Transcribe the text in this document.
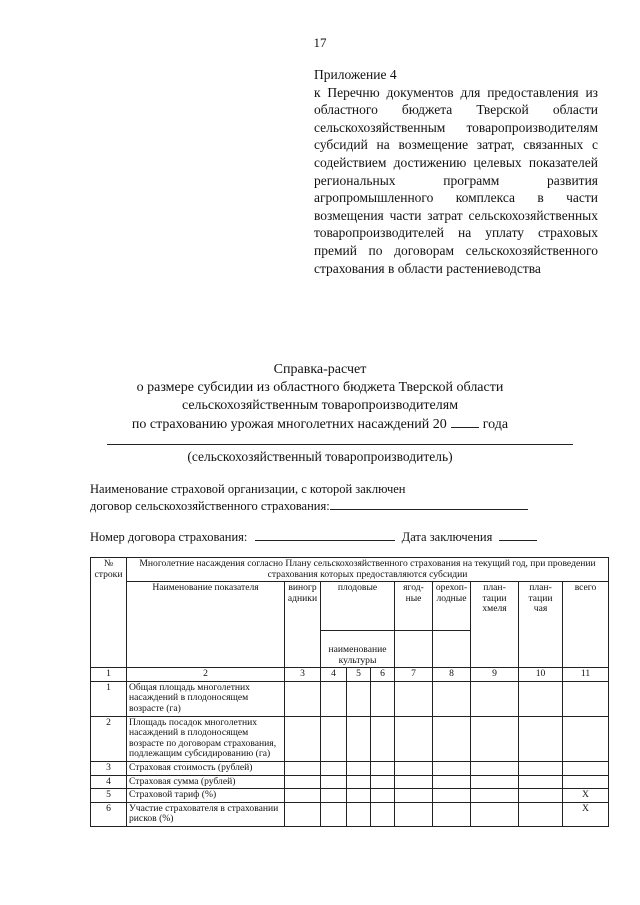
17
Приложение 4
к Перечню документов для предоставления из областного бюджета Тверской области сельскохозяйственным товаропроизводителям субсидий на возмещение затрат, связанных с содействием достижению целевых показателей региональных программ развития агропромышленного комплекса в части возмещения части затрат сельскохозяйственных товаропроизводителей на уплату страховых премий по договорам сельскохозяйственного страхования в области растениеводства
Справка-расчет
о размере субсидии из областного бюджета Тверской области
сельскохозяйственным товаропроизводителям
по страхованию урожая многолетних насаждений 20	года
(сельскохозяйственный товаропроизводитель)
Наименование страховой организации, с которой заключен
договор сельскохозяйственного страхования:
Номер договора страхования:	Дата заключения
№ строки	Многолетние насаждения согласно Плану сельскохозяйственного страхования на текущий год, при проведении страхования которых предоставляются субсидии									
	Наименование показателя	виноградники	плодовые			ягодные	орехоплодные	плантации хмеля	плантации чая	всего
			наименование культуры							

1	2	3	4	5	6	7	8	9	10	11
1	Общая площадь многолетних насаждений в плодоносящем возрасте (га)									
2	Площадь посадок многолетних насаждений в плодоносящем возрасте по договорам страхования, подлежащим субсидированию (га)									
3	Страховая стоимость (рублей)									
4	Страховая сумма (рублей)									
5	Страховой тариф (%)									Х
6	Участие страхователя в страховании рисков (%)									Х
